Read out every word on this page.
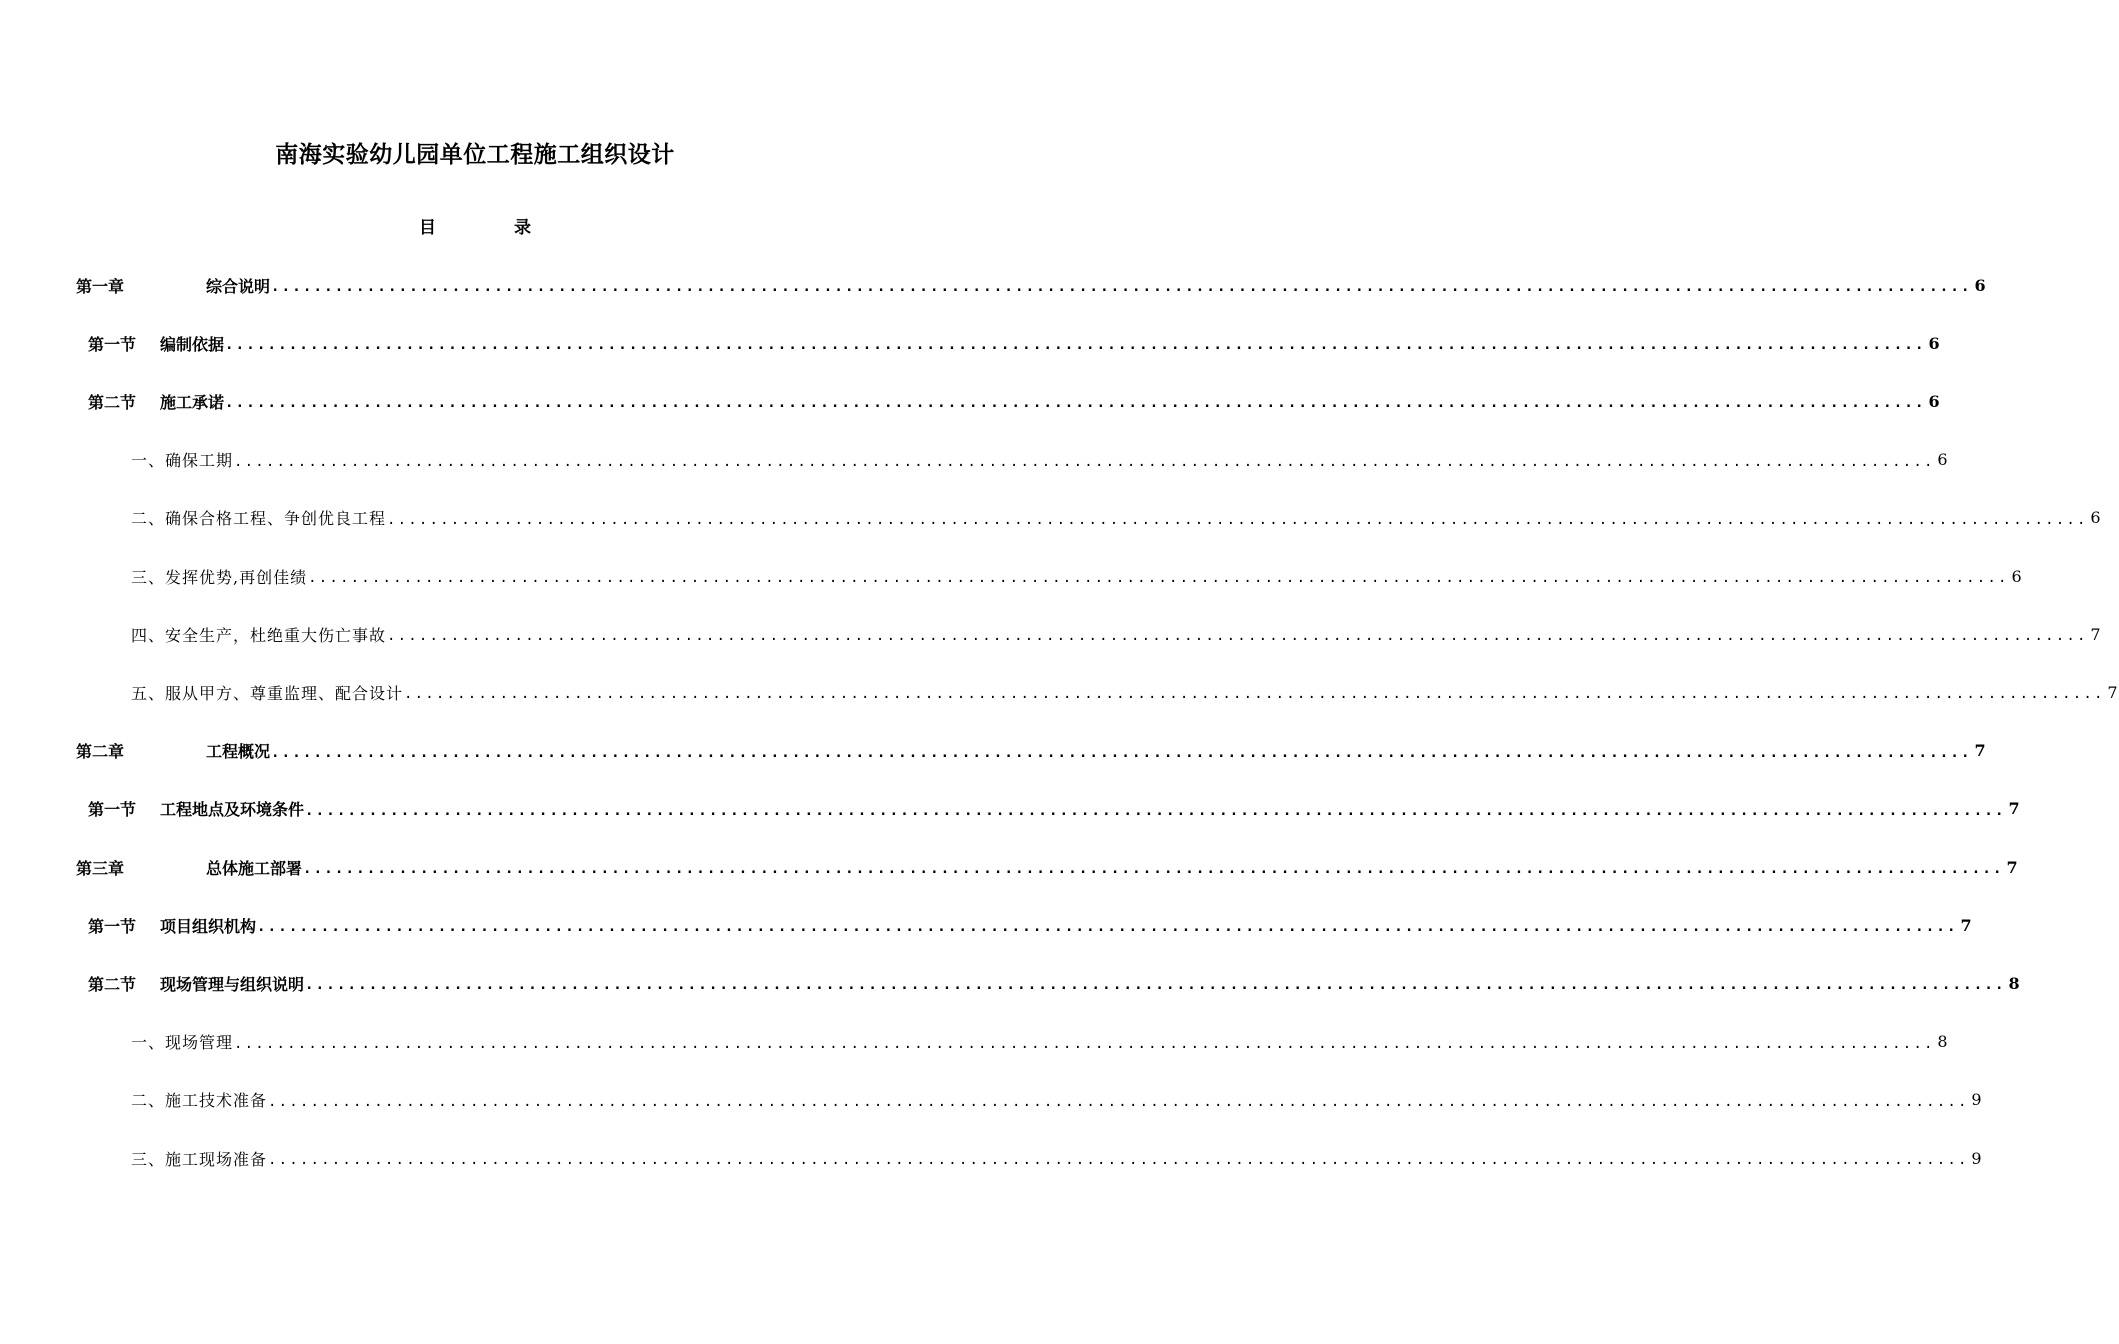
南海实验幼儿园单位工程施工组织设计
目 录
第一章	综合说明 ................................................................................................................................................................ 6
第一节 编制依据 ................................................................................................................................................................ 6
第二节 施工承诺 ................................................................................................................................................................ 6
一、确保工期 ................................................................................................................................................................ 6
二、确保合格工程、争创优良工程 ................................................................................................................................................................ 6
三、发挥优势,再创佳绩 ................................................................................................................................................................ 6
四、安全生产，杜绝重大伤亡事故 ................................................................................................................................................................ 7
五、服从甲方、尊重监理、配合设计 ................................................................................................................................................................ 7
第二章	工程概况 ................................................................................................................................................................ 7
第一节 工程地点及环境条件 ................................................................................................................................................................ 7
第三章	总体施工部署 ................................................................................................................................................................ 7
第一节 项目组织机构 ................................................................................................................................................................ 7
第二节 现场管理与组织说明 ................................................................................................................................................................ 8
一、现场管理 ................................................................................................................................................................ 8
二、施工技术准备 ................................................................................................................................................................ 9
三、施工现场准备 ................................................................................................................................................................ 9
